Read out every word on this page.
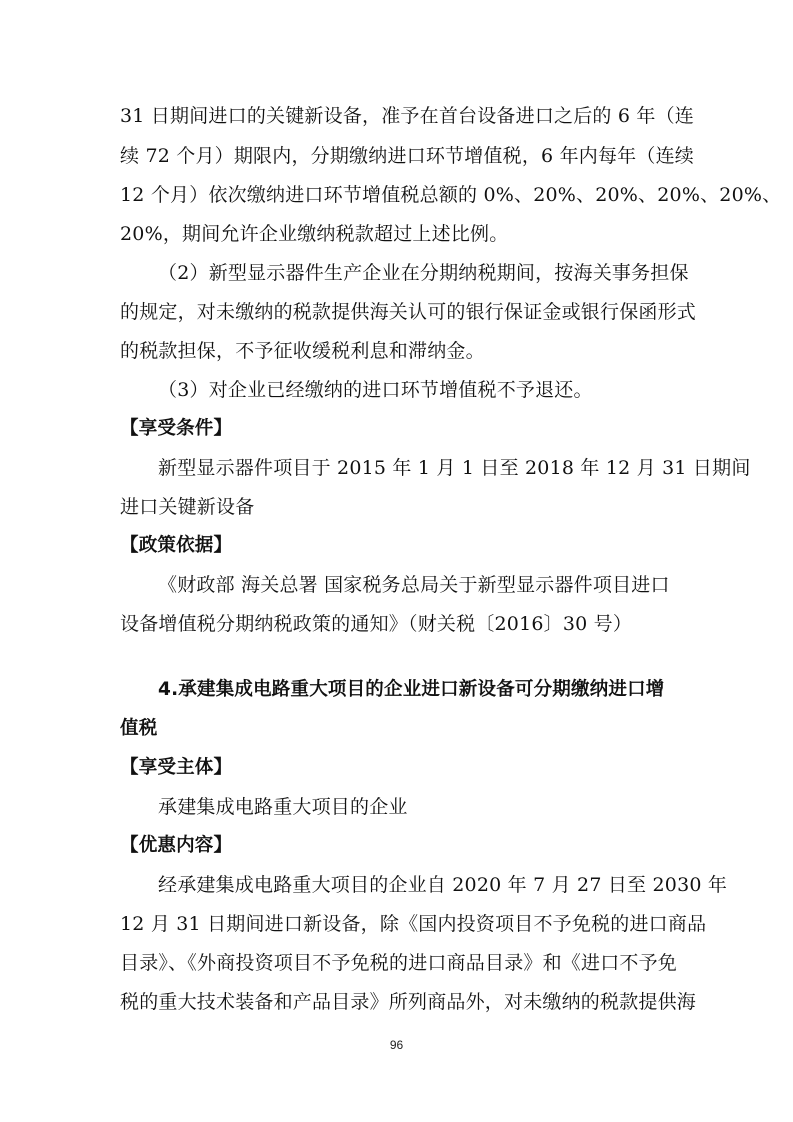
31 日期间进口的关键新设备，准予在首台设备进口之后的 6 年（连
续 72 个月）期限内，分期缴纳进口环节增值税，6 年内每年（连续
12 个月）依次缴纳进口环节增值税总额的 0%、20%、20%、20%、20%、
20%，期间允许企业缴纳税款超过上述比例。
（2）新型显示器件生产企业在分期纳税期间，按海关事务担保
的规定，对未缴纳的税款提供海关认可的银行保证金或银行保函形式
的税款担保，不予征收缓税利息和滞纳金。
（3）对企业已经缴纳的进口环节增值税不予退还。
【享受条件】
新型显示器件项目于 2015 年 1 月 1 日至 2018 年 12 月 31 日期间
进口关键新设备
【政策依据】
《财政部 海关总署 国家税务总局关于新型显示器件项目进口
设备增值税分期纳税政策的通知》（财关税〔2016〕30 号）
4.承建集成电路重大项目的企业进口新设备可分期缴纳进口增
值税
【享受主体】
承建集成电路重大项目的企业
【优惠内容】
经承建集成电路重大项目的企业自 2020 年 7 月 27 日至 2030 年
12 月 31 日期间进口新设备，除《国内投资项目不予免税的进口商品
目录》、《外商投资项目不予免税的进口商品目录》和《进口不予免
税的重大技术装备和产品目录》所列商品外，对未缴纳的税款提供海
96
